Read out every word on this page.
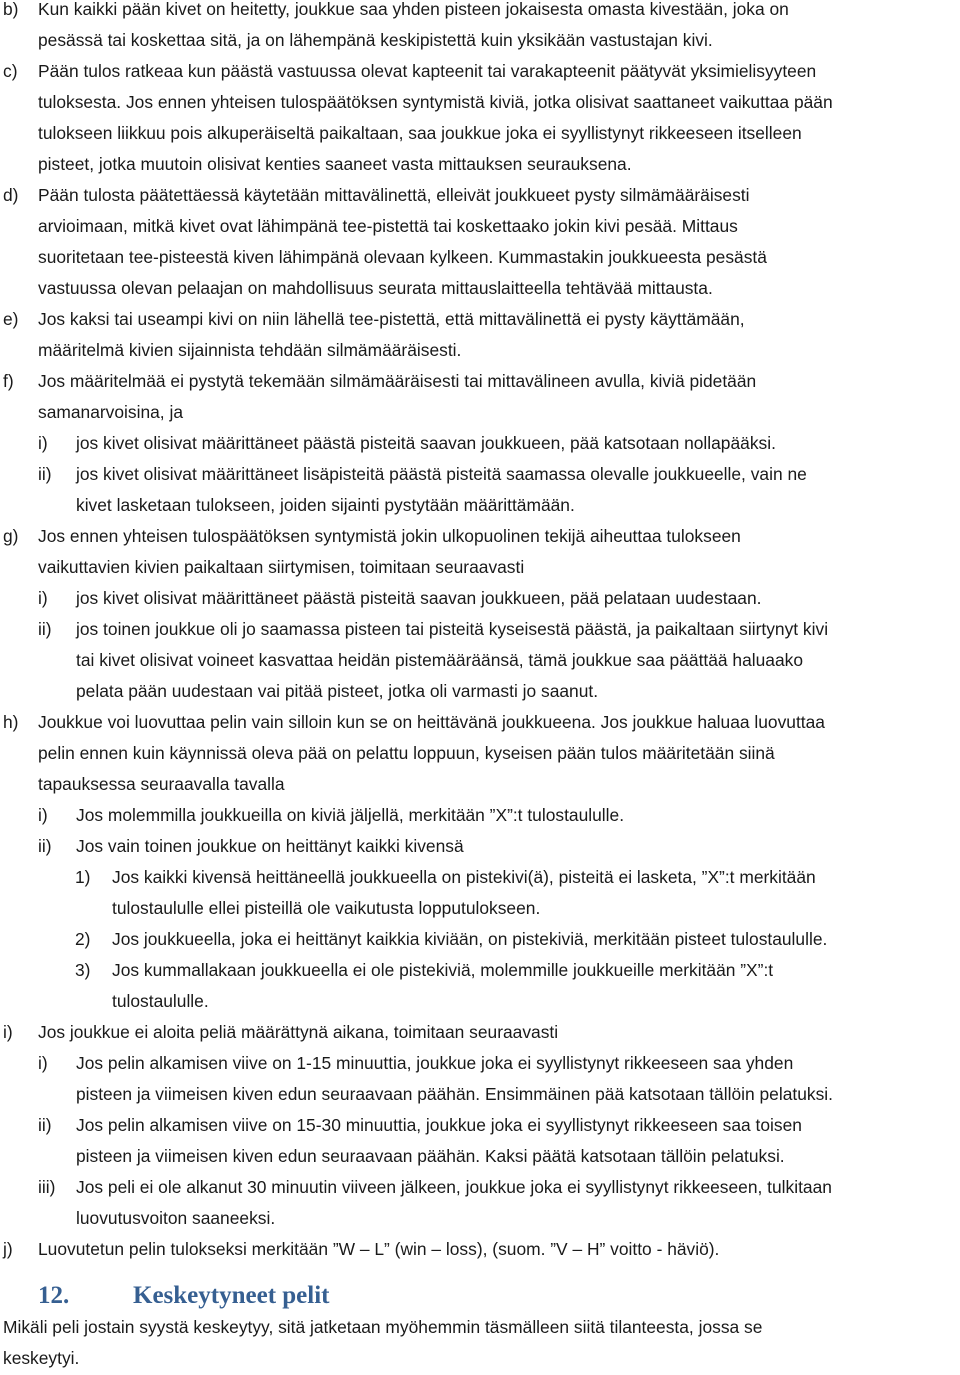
b) Kun kaikki pään kivet on heitetty, joukkue saa yhden pisteen jokaisesta omasta kivestään, joka on
pesässä tai koskettaa sitä, ja on lähempänä keskipistettä kuin yksikään vastustajan kivi.
c) Pään tulos ratkeaa kun päästä vastuussa olevat kapteenit tai varakapteenit päätyvät yksimielisyyteen
tuloksesta. Jos ennen yhteisen tulospäätöksen syntymistä kiviä, jotka olisivat saattaneet vaikuttaa pään
tulokseen liikkuu pois alkuperäiseltä paikaltaan, saa joukkue joka ei syyllistynyt rikkeeseen itselleen
pisteet, jotka muutoin olisivat kenties saaneet vasta mittauksen seurauksena.
d) Pään tulosta päätettäessä käytetään mittavälinettä, elleivät joukkueet pysty silmämääräisesti
arvioimaan, mitkä kivet ovat lähimpänä tee-pistettä tai koskettaako jokin kivi pesää. Mittaus
suoritetaan tee-pisteestä kiven lähimpänä olevaan kylkeen. Kummastakin joukkueesta pesästä
vastuussa olevan pelaajan on mahdollisuus seurata mittauslaitteella tehtävää mittausta.
e) Jos kaksi tai useampi kivi on niin lähellä tee-pistettä, että mittavälinettä ei pysty käyttämään,
määritelmä kivien sijainnista tehdään silmämääräisesti.
f) Jos määritelmää ei pystytä tekemään silmämääräisesti tai mittavälineen avulla, kiviä pidetään
samanarvoisina, ja
i) jos kivet olisivat määrittäneet päästä pisteitä saavan joukkueen, pää katsotaan nollapääksi.
ii) jos kivet olisivat määrittäneet lisäpisteitä päästä pisteitä saamassa olevalle joukkueelle, vain ne
kivet lasketaan tulokseen, joiden sijainti pystytään määrittämään.
g) Jos ennen yhteisen tulospäätöksen syntymistä jokin ulkopuolinen tekijä aiheuttaa tulokseen
vaikuttavien kivien paikaltaan siirtymisen, toimitaan seuraavasti
i) jos kivet olisivat määrittäneet päästä pisteitä saavan joukkueen, pää pelataan uudestaan.
ii) jos toinen joukkue oli jo saamassa pisteen tai pisteitä kyseisestä päästä, ja paikaltaan siirtynyt kivi
tai kivet olisivat voineet kasvattaa heidän pistemääräänsä, tämä joukkue saa päättää haluaako
pelata pään uudestaan vai pitää pisteet, jotka oli varmasti jo saanut.
h) Joukkue voi luovuttaa pelin vain silloin kun se on heittävänä joukkueena. Jos joukkue haluaa luovuttaa
pelin ennen kuin käynnissä oleva pää on pelattu loppuun, kyseisen pään tulos määritetään siinä
tapauksessa seuraavalla tavalla
i) Jos molemmilla joukkueilla on kiviä jäljellä, merkitään ”X”:t tulostaululle.
ii) Jos vain toinen joukkue on heittänyt kaikki kivensä
1) Jos kaikki kivensä heittäneellä joukkueella on pistekivi(ä), pisteitä ei lasketa, ”X”:t merkitään
tulostaululle ellei pisteillä ole vaikutusta lopputulokseen.
2) Jos joukkueella, joka ei heittänyt kaikkia kiviään, on pistekiviä, merkitään pisteet tulostaululle.
3) Jos kummallakaan joukkueella ei ole pistekiviä, molemmille joukkueille merkitään ”X”:t
tulostaululle.
i) Jos joukkue ei aloita peliä määrättynä aikana, toimitaan seuraavasti
i) Jos pelin alkamisen viive on 1-15 minuuttia, joukkue joka ei syyllistynyt rikkeeseen saa yhden
pisteen ja viimeisen kiven edun seuraavaan päähän. Ensimmäinen pää katsotaan tällöin pelatuksi.
ii) Jos pelin alkamisen viive on 15-30 minuuttia, joukkue joka ei syyllistynyt rikkeeseen saa toisen
pisteen ja viimeisen kiven edun seuraavaan päähän. Kaksi päätä katsotaan tällöin pelatuksi.
iii) Jos peli ei ole alkanut 30 minuutin viiveen jälkeen, joukkue joka ei syyllistynyt rikkeeseen, tulkitaan
luovutusvoiton saaneeksi.
j) Luovutetun pelin tulokseksi merkitään ”W – L” (win – loss), (suom. ”V – H” voitto - häviö).
12.	Keskeytyneet pelit
Mikäli peli jostain syystä keskeytyy, sitä jatketaan myöhemmin täsmälleen siitä tilanteesta, jossa se
keskeytyi.
